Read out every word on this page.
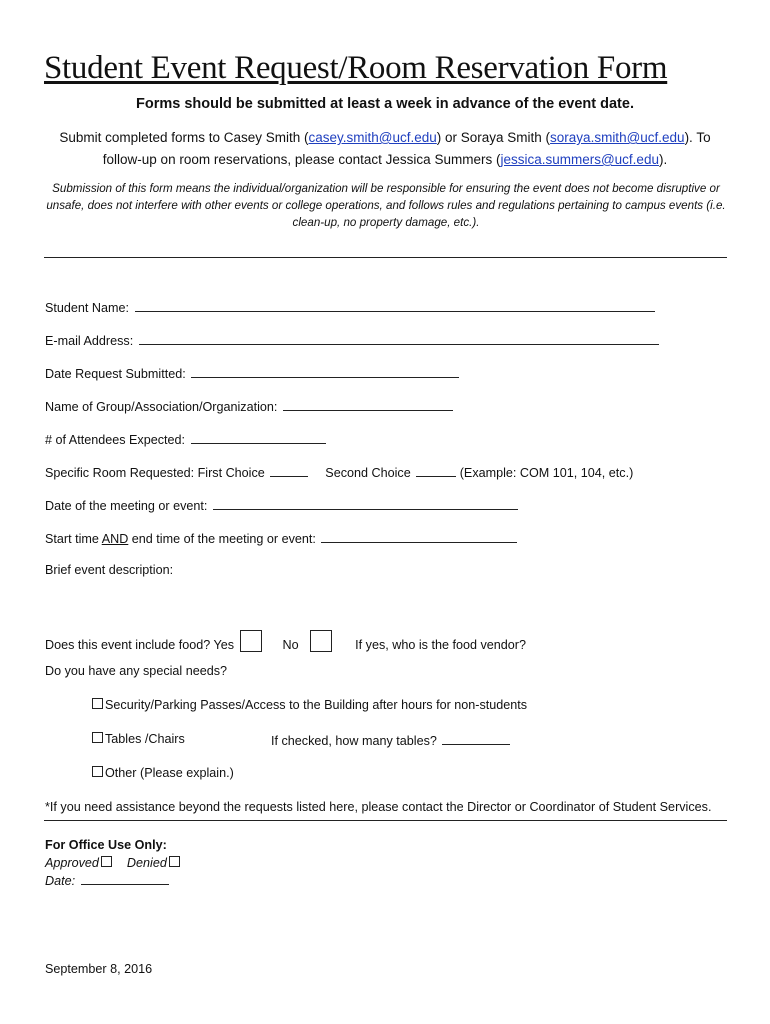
Student Event Request/Room Reservation Form
Forms should be submitted at least a week in advance of the event date.
Submit completed forms to Casey Smith (casey.smith@ucf.edu) or Soraya Smith (soraya.smith@ucf.edu). To follow-up on room reservations, please contact Jessica Summers (jessica.summers@ucf.edu).
Submission of this form means the individual/organization will be responsible for ensuring the event does not become disruptive or unsafe, does not interfere with other events or college operations, and follows rules and regulations pertaining to campus events (i.e. clean-up, no property damage, etc.).
Student Name:
E-mail Address:
Date Request Submitted:
Name of Group/Association/Organization:
# of Attendees Expected:
Specific Room Requested: First Choice	Second Choice	(Example: COM 101, 104, etc.)
Date of the meeting or event:
Start time AND end time of the meeting or event:
Brief event description:
Does this event include food? Yes	No	If yes, who is the food vendor?
Do you have any special needs?
Security/Parking Passes/Access to the Building after hours for non-students
Tables /Chairs	If checked, how many tables?
Other (Please explain.)
*If you need assistance beyond the requests listed here, please contact the Director or Coordinator of Student Services.
For Office Use Only:
Approved Denied
Date:
September 8, 2016
